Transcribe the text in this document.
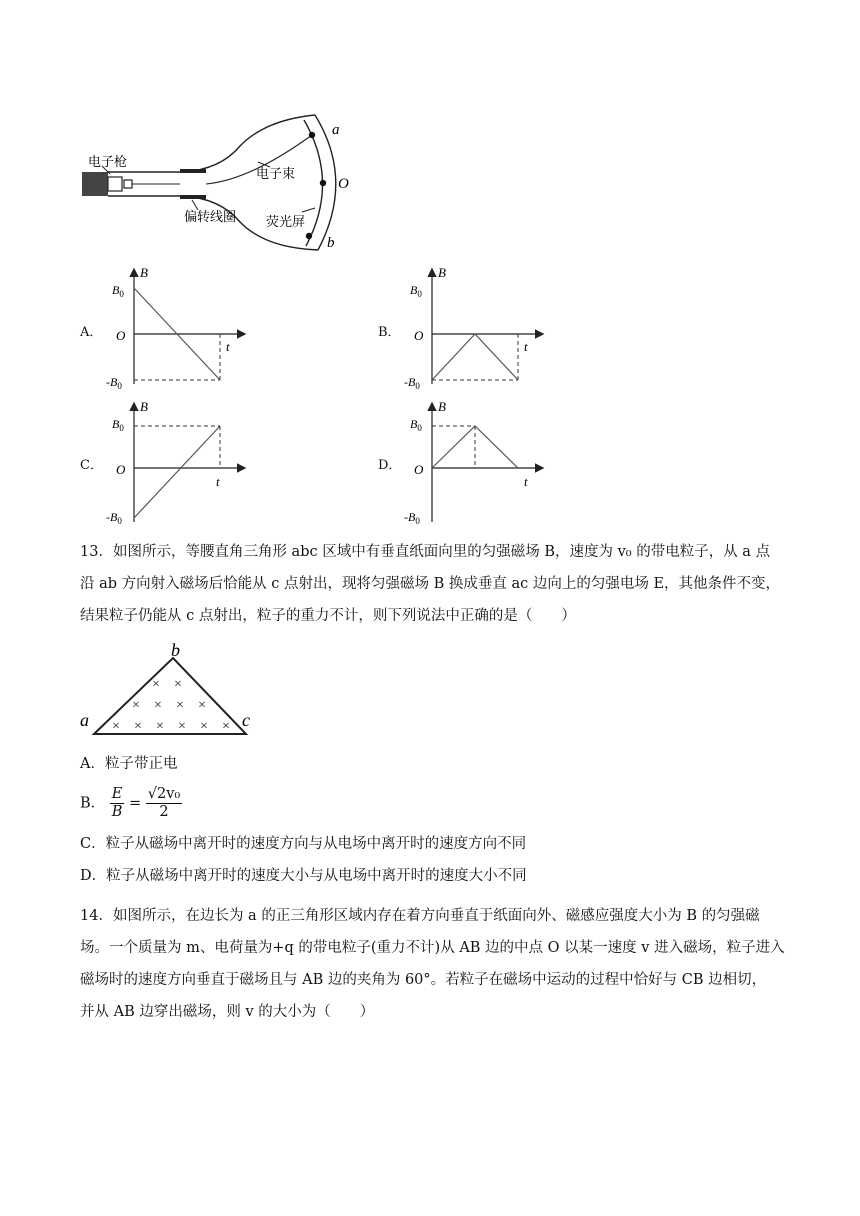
电子枪
偏转线圈
电子束
荧光屏
a
O
b
A．
B
t
O
$B_0$
$-B_0$
B．
B
t
O
$B_0$
$-B_0$
C．
B
t
O
$B_0$
$-B_0$
D．
B
t
O
$B_0$
$-B_0$
13．如图所示，等腰直角三角形 abc 区域中有垂直纸面向里的匀强磁场 B，速度为 v₀ 的带电粒子，从 a 点
沿 ab 方向射入磁场后恰能从 c 点射出，现将匀强磁场 B 换成垂直 ac 边向上的匀强电场 E，其他条件不变，
结果粒子仍能从 c 点射出，粒子的重力不计，则下列说法中正确的是（　　）
× ×
× × × ×
× × × × × ×
a
b
c
A．粒子带正电
B． $\frac{E}{B} = \frac{\text{√2v₀}}{2}$
C．粒子从磁场中离开时的速度方向与从电场中离开时的速度方向不同
D．粒子从磁场中离开时的速度大小与从电场中离开时的速度大小不同
14．如图所示，在边长为 a 的正三角形区域内存在着方向垂直于纸面向外、磁感应强度大小为 B 的匀强磁
场。一个质量为 m、电荷量为+q 的带电粒子(重力不计)从 AB 边的中点 O 以某一速度 v 进入磁场，粒子进入
磁场时的速度方向垂直于磁场且与 AB 边的夹角为 60°。若粒子在磁场中运动的过程中恰好与 CB 边相切，
并从 AB 边穿出磁场，则 v 的大小为（　　）
